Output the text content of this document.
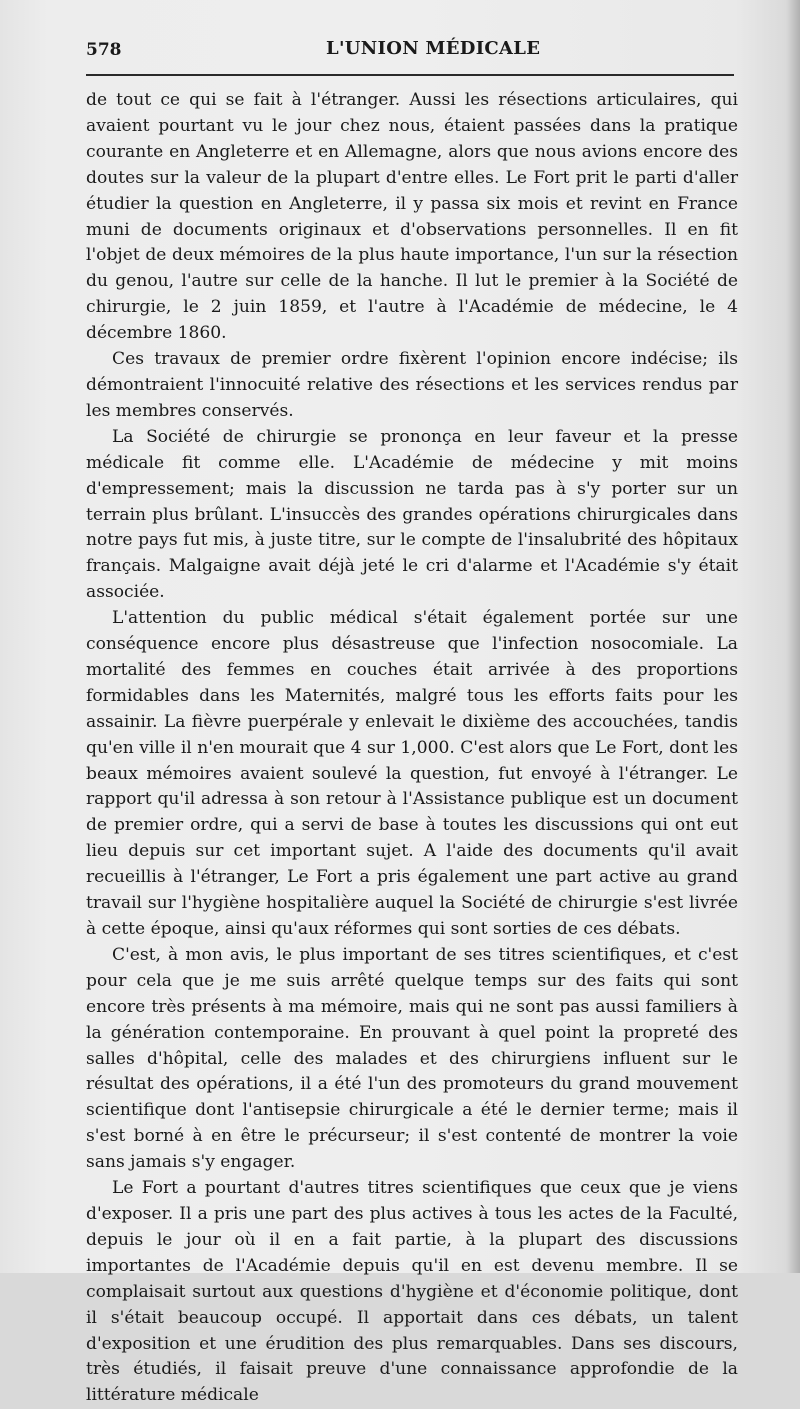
578	L'UNION MÉDICALE

de tout ce qui se fait à l'étranger. Aussi les résections articulaires, qui avaient pourtant vu le jour chez nous, étaient passées dans la pratique courante en Angleterre et en Allemagne, alors que nous avions encore des doutes sur la valeur de la plupart d'entre elles. Le Fort prit le parti d'aller étudier la question en Angleterre, il y passa six mois et revint en France muni de documents originaux et d'observations personnelles. Il en fit l'objet de deux mémoires de la plus haute importance, l'un sur la résection du genou, l'autre sur celle de la hanche. Il lut le premier à la Société de chirurgie, le 2 juin 1859, et l'autre à l'Académie de médecine, le 4 décembre 1860.

Ces travaux de premier ordre fixèrent l'opinion encore indécise; ils démontraient l'innocuité relative des résections et les services rendus par les membres conservés.

La Société de chirurgie se prononça en leur faveur et la presse médicale fit comme elle. L'Académie de médecine y mit moins d'empressement; mais la discussion ne tarda pas à s'y porter sur un terrain plus brûlant. L'insuccès des grandes opérations chirurgicales dans notre pays fut mis, à juste titre, sur le compte de l'insalubrité des hôpitaux français. Malgaigne avait déjà jeté le cri d'alarme et l'Académie s'y était associée.

L'attention du public médical s'était également portée sur une conséquence encore plus désastreuse que l'infection nosocomiale. La mortalité des femmes en couches était arrivée à des proportions formidables dans les Maternités, malgré tous les efforts faits pour les assainir. La fièvre puerpérale y enlevait le dixième des accouchées, tandis qu'en ville il n'en mourait que 4 sur 1,000. C'est alors que Le Fort, dont les beaux mémoires avaient soulevé la question, fut envoyé à l'étranger. Le rapport qu'il adressa à son retour à l'Assistance publique est un document de premier ordre, qui a servi de base à toutes les discussions qui ont eut lieu depuis sur cet important sujet. A l'aide des documents qu'il avait recueillis à l'étranger, Le Fort a pris également une part active au grand travail sur l'hygiène hospitalière auquel la Société de chirurgie s'est livrée à cette époque, ainsi qu'aux réformes qui sont sorties de ces débats.

C'est, à mon avis, le plus important de ses titres scientifiques, et c'est pour cela que je me suis arrêté quelque temps sur des faits qui sont encore très présents à ma mémoire, mais qui ne sont pas aussi familiers à la génération contemporaine. En prouvant à quel point la propreté des salles d'hôpital, celle des malades et des chirurgiens influent sur le résultat des opérations, il a été l'un des promoteurs du grand mouvement scientifique dont l'antisepsie chirurgicale a été le dernier terme; mais il s'est borné à en être le précurseur; il s'est contenté de montrer la voie sans jamais s'y engager.

Le Fort a pourtant d'autres titres scientifiques que ceux que je viens d'exposer. Il a pris une part des plus actives à tous les actes de la Faculté, depuis le jour où il en a fait partie, à la plupart des discussions importantes de l'Académie depuis qu'il en est devenu membre. Il se complaisait surtout aux questions d'hygiène et d'économie politique, dont il s'était beaucoup occupé. Il apportait dans ces débats, un talent d'exposition et une érudition des plus remarquables. Dans ses discours, très étudiés, il faisait preuve d'une connaissance approfondie de la littérature médicale
